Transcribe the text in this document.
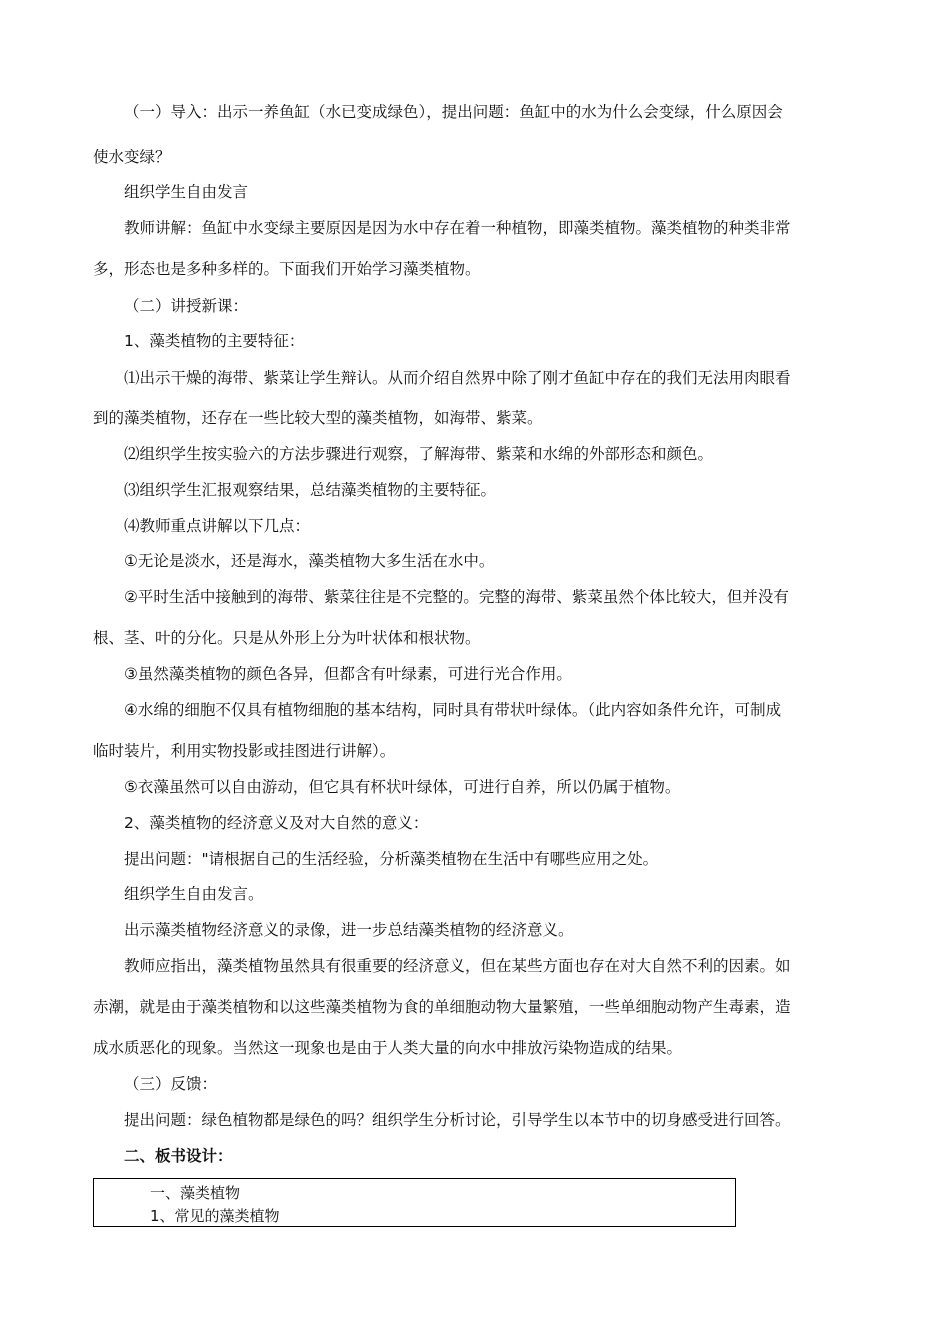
（一）导入：出示一养鱼缸（水已变成绿色），提出问题：鱼缸中的水为什么会变绿，什么原因会
使水变绿？
组织学生自由发言
教师讲解：鱼缸中水变绿主要原因是因为水中存在着一种植物，即藻类植物。藻类植物的种类非常
多，形态也是多种多样的。下面我们开始学习藻类植物。
（二）讲授新课：
1、藻类植物的主要特征：
⑴出示干燥的海带、紫菜让学生辩认。从而介绍自然界中除了刚才鱼缸中存在的我们无法用肉眼看
到的藻类植物，还存在一些比较大型的藻类植物，如海带、紫菜。
⑵组织学生按实验六的方法步骤进行观察，了解海带、紫菜和水绵的外部形态和颜色。
⑶组织学生汇报观察结果，总结藻类植物的主要特征。
⑷教师重点讲解以下几点：
①无论是淡水，还是海水，藻类植物大多生活在水中。
②平时生活中接触到的海带、紫菜往往是不完整的。完整的海带、紫菜虽然个体比较大，但并没有
根、茎、叶的分化。只是从外形上分为叶状体和根状物。
③虽然藻类植物的颜色各异，但都含有叶绿素，可进行光合作用。
④水绵的细胞不仅具有植物细胞的基本结构，同时具有带状叶绿体。（此内容如条件允许，可制成
临时装片，利用实物投影或挂图进行讲解）。
⑤衣藻虽然可以自由游动，但它具有杯状叶绿体，可进行自养，所以仍属于植物。
2、藻类植物的经济意义及对大自然的意义：
提出问题："请根据自己的生活经验，分析藻类植物在生活中有哪些应用之处。
组织学生自由发言。
出示藻类植物经济意义的录像，进一步总结藻类植物的经济意义。
教师应指出，藻类植物虽然具有很重要的经济意义，但在某些方面也存在对大自然不利的因素。如
赤潮，就是由于藻类植物和以这些藻类植物为食的单细胞动物大量繁殖，一些单细胞动物产生毒素，造
成水质恶化的现象。当然这一现象也是由于人类大量的向水中排放污染物造成的结果。
（三）反馈：
提出问题：绿色植物都是绿色的吗？组织学生分析讨论，引导学生以本节中的切身感受进行回答。
二、板书设计：
一、藻类植物
1、常见的藻类植物
